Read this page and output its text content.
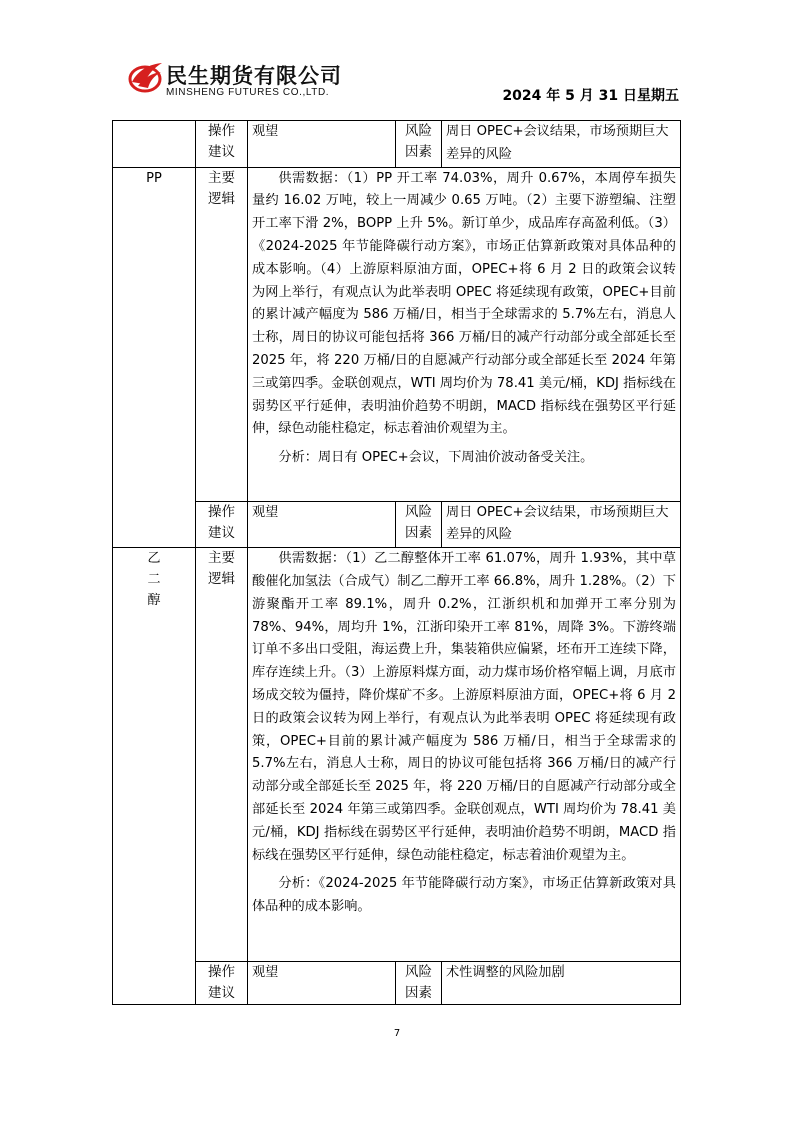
民生期货有限公司
MINSHENG FUTURES CO.,LTD.	2024 年 5 月 31 日星期五
	操作建议	观望	风险因素	周日 OPEC+会议结果，市场预期巨大差异的风险
PP	主要逻辑	供需数据：（1）PP 开工率 74.03%，周升 0.67%，本周停车损失量约 16.02 万吨，较上一周减少 0.65 万吨。（2）主要下游塑编、注塑开工率下滑 2%，BOPP 上升 5%。新订单少，成品库存高盈利低。（3）《2024-2025 年节能降碳行动方案》，市场正估算新政策对具体品种的成本影响。（4）上游原料原油方面，OPEC+将 6 月 2 日的政策会议转为网上举行，有观点认为此举表明 OPEC 将延续现有政策，OPEC+目前的累计减产幅度为 586 万桶/日，相当于全球需求的 5.7%左右，消息人士称，周日的协议可能包括将 366 万桶/日的减产行动部分或全部延长至 2025 年，将 220 万桶/日的自愿减产行动部分或全部延长至 2024 年第三或第四季。金联创观点，WTI 周均价为 78.41 美元/桶，KDJ 指标线在弱势区平行延伸，表明油价趋势不明朗，MACD 指标线在强势区平行延伸，绿色动能柱稳定，标志着油价观望为主。

分析：周日有 OPEC+会议，下周油价波动备受关注。		

	操作建议	观望	风险因素	周日 OPEC+会议结果，市场预期巨大差异的风险
乙二醇	主要逻辑	供需数据：（1）乙二醇整体开工率 61.07%，周升 1.93%，其中草酸催化加氢法（合成气）制乙二醇开工率 66.8%，周升 1.28%。（2）下游聚酯开工率 89.1%，周升 0.2%，江浙织机和加弹开工率分别为 78%、94%，周均升 1%，江浙印染开工率 81%，周降 3%。下游终端订单不多出口受阻，海运费上升，集装箱供应偏紧，坯布开工连续下降，库存连续上升。（3）上游原料煤方面，动力煤市场价格窄幅上调，月底市场成交较为僵持，降价煤矿不多。上游原料原油方面，OPEC+将 6 月 2 日的政策会议转为网上举行，有观点认为此举表明 OPEC 将延续现有政策，OPEC+目前的累计减产幅度为 586 万桶/日，相当于全球需求的 5.7%左右，消息人士称，周日的协议可能包括将 366 万桶/日的减产行动部分或全部延长至 2025 年，将 220 万桶/日的自愿减产行动部分或全部延长至 2024 年第三或第四季。金联创观点，WTI 周均价为 78.41 美元/桶，KDJ 指标线在弱势区平行延伸，表明油价趋势不明朗，MACD 指标线在强势区平行延伸，绿色动能柱稳定，标志着油价观望为主。

分析：《2024-2025 年节能降碳行动方案》，市场正估算新政策对具体品种的成本影响。		

	操作建议	观望	风险因素	术性调整的风险加剧
7
